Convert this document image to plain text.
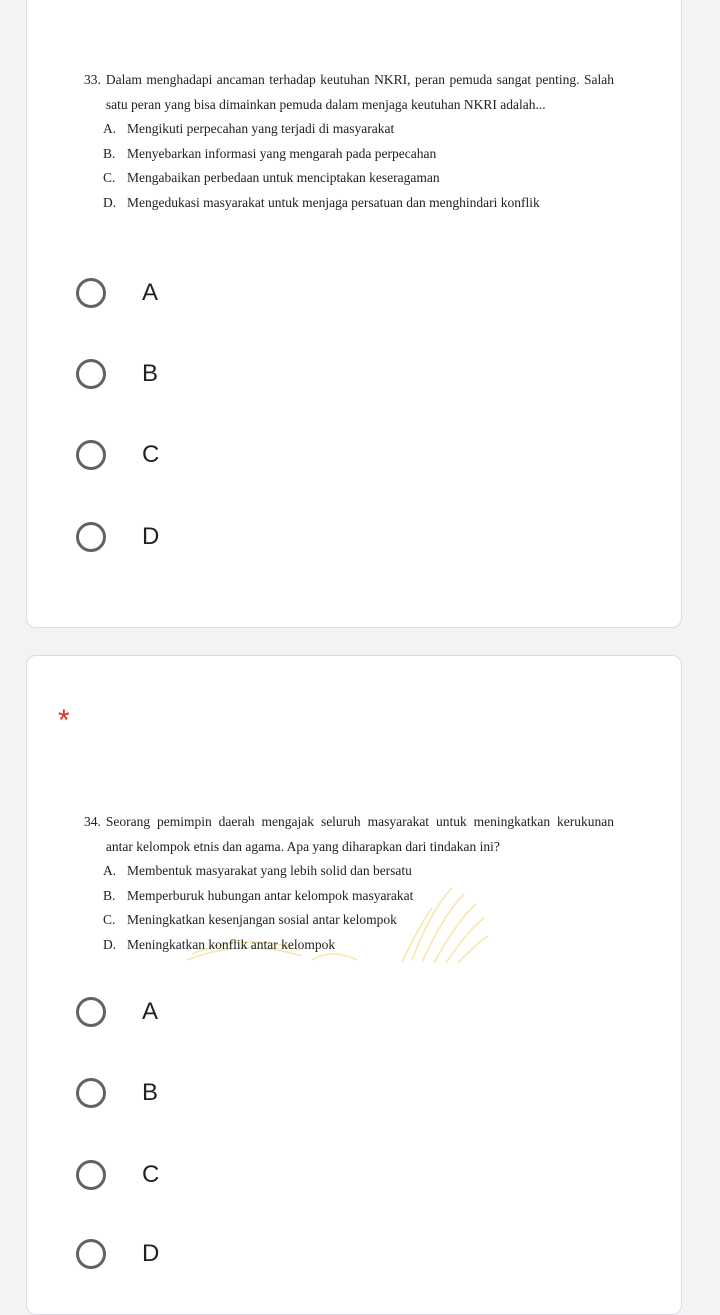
33. Dalam menghadapi ancaman terhadap keutuhan NKRI, peran pemuda sangat penting. Salah satu peran yang bisa dimainkan pemuda dalam menjaga keutuhan NKRI adalah...

A. Mengikuti perpecahan yang terjadi di masyarakat
B. Menyebarkan informasi yang mengarah pada perpecahan
C. Mengabaikan perbedaan untuk menciptakan keseragaman
D. Mengedukasi masyarakat untuk menjaga persatuan dan menghindari konflik
A
B
C
D
*

34. Seorang pemimpin daerah mengajak seluruh masyarakat untuk meningkatkan kerukunan antar kelompok etnis dan agama. Apa yang diharapkan dari tindakan ini?

A. Membentuk masyarakat yang lebih solid dan bersatu
B. Memperburuk hubungan antar kelompok masyarakat
C. Meningkatkan kesenjangan sosial antar kelompok
D. Meningkatkan konflik antar kelompok
A
B
C
D
